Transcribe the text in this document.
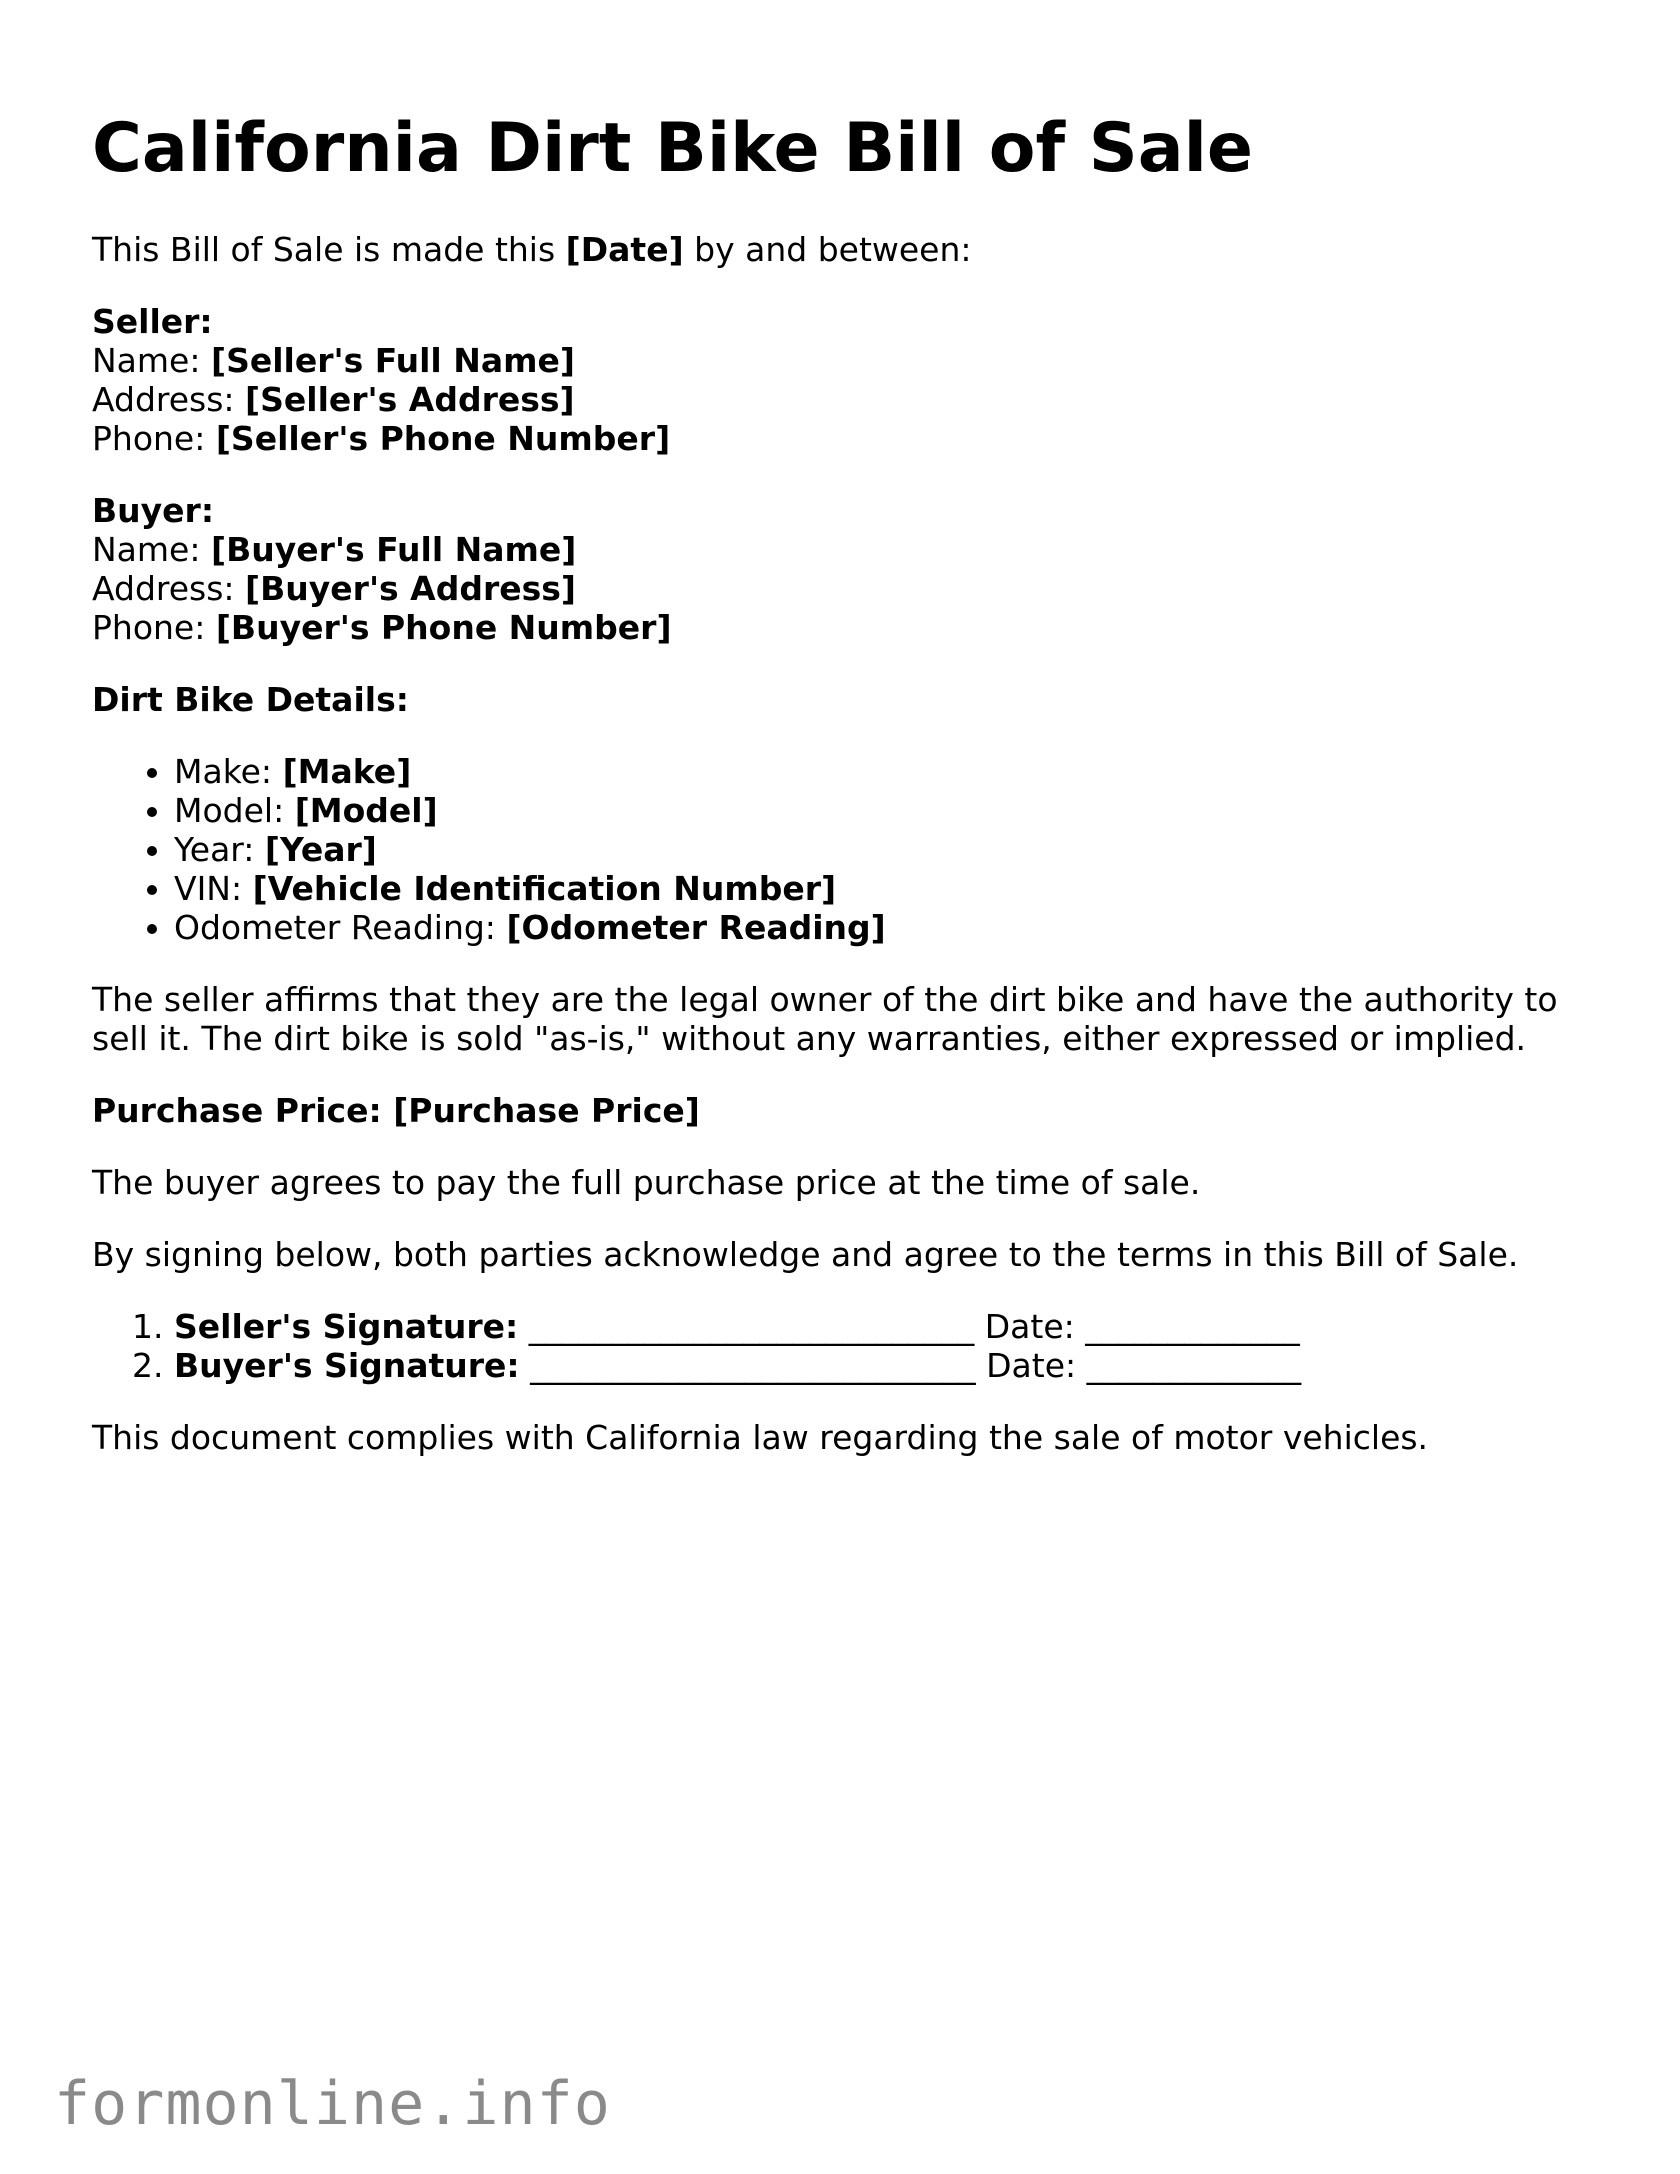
California Dirt Bike Bill of Sale

This Bill of Sale is made this [Date] by and between:

Seller:
Name: [Seller's Full Name]
Address: [Seller's Address]
Phone: [Seller's Phone Number]
Buyer:
Name: [Buyer's Full Name]
Address: [Buyer's Address]
Phone: [Buyer's Phone Number]

Dirt Bike Details:

• Make: [Make]
• Model: [Model]
• Year: [Year]
• VIN: [Vehicle Identification Number]
• Odometer Reading: [Odometer Reading]

The seller affirms that they are the legal owner of the dirt bike and have the authority to sell it. The dirt bike is sold "as-is," without any warranties, either expressed or implied.

Purchase Price: [Purchase Price]

The buyer agrees to pay the full purchase price at the time of sale.

By signing below, both parties acknowledge and agree to the terms in this Bill of Sale.

1. Seller's Signature: ___________________________ Date: _____________
2. Buyer's Signature: ___________________________ Date: _____________

This document complies with California law regarding the sale of motor vehicles.

formonline.info
